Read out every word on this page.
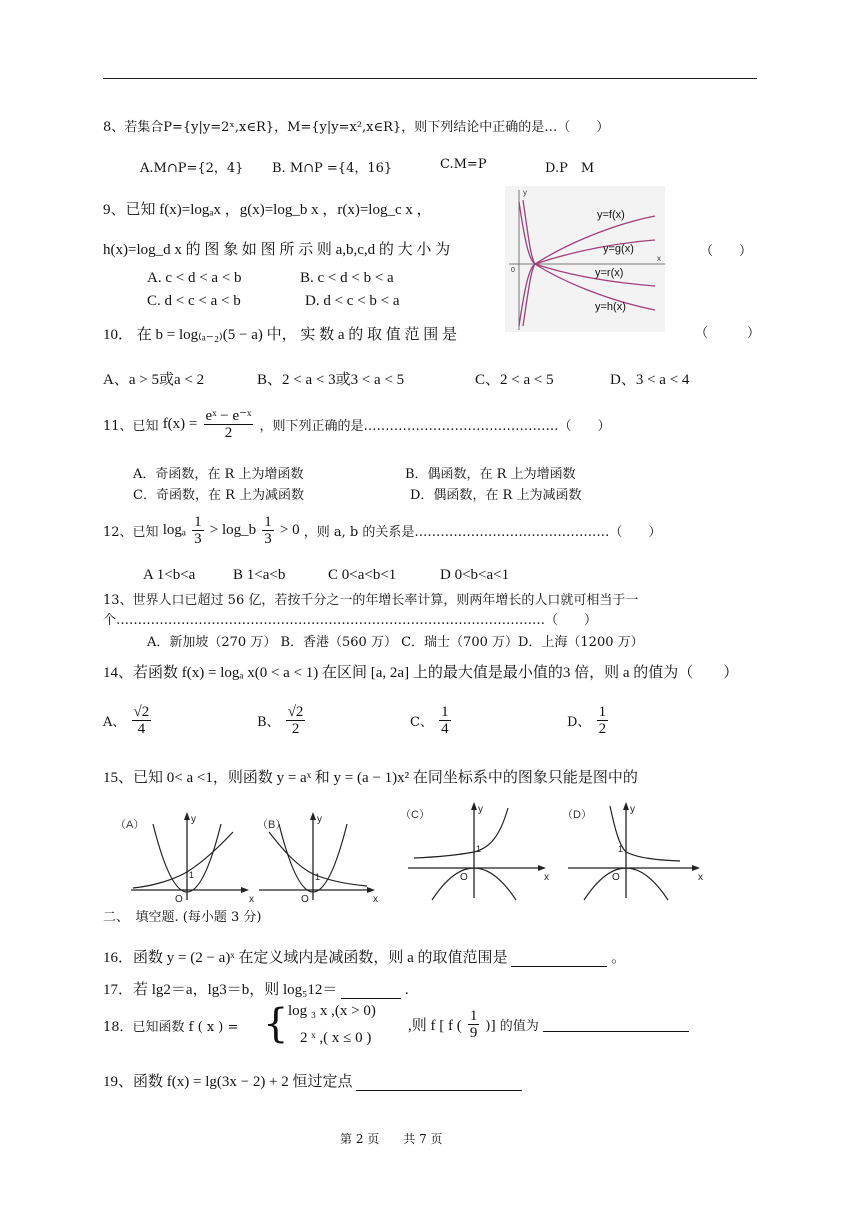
8、若集合P={y|y=2ˣ,x∈R}，M={y|y=x²,x∈R}，则下列结论中正确的是…（　　）
A.M∩P={2，4} B. M∩P ={4，16}	C.M=P	D.P　M
9、已知 f(x)=logₐx ，g(x)=log_b x ，r(x)=log_c x ，
h(x)=log_d x 的 图 象 如 图 所 示 则 a,b,c,d 的 大 小 为	（　　）
A. c < d < a < b	B. c < d < b < a
C. d < c < a < b	D. d < c < b < a
y
x
0
y=f(x)
y=g(x)
y=r(x)
y=h(x)
10． 在 b = log₍ₐ₋₂₎(5 − a) 中， 实 数 a 的 取 值 范 围 是	（　　　）
A、a > 5或a < 2	B、2 < a < 3或3 < a < 5	C、2 < a < 5	D、3 < a < 4
11、已知 $f(x) = \frac{\text{eˣ − e⁻ˣ}}{2}$ ，则下列正确的是………………………………………（　　）
A．奇函数，在 R 上为增函数	B．偶函数，在 R 上为增函数
C．奇函数，在 R 上为减函数	D．偶函数，在 R 上为减函数
12、已知 logₐ $\frac{1}{3}$ > log_b $\frac{1}{3} > 0$ ，则 a, b 的关系是………………………………………（　　）
A 1<b<a	B 1<a<b	C 0<a<b<1	D 0<b<a<1
13、世界人口已超过 56 亿，若按千分之一的年增长率计算，则两年增长的人口就可相当于一
个………………………………………………………………………………………（　　）
A．新加坡（270 万） B．香港（560 万） C．瑞士（700 万）D．上海（1200 万）
14、若函数 f(x) = logₐ x(0 < a < 1) 在区间 [a, 2a] 上的最大值是最小值的3 倍，则 a 的值为（　　）
A、 $\frac{√2}{4}$	B、 $\frac{√2}{2}$	C、 $\frac{1}{4}$	D、 $\frac{1}{2}$
15、已知 0< a <1，则函数 y = aˣ 和 y = (a − 1)x² 在同坐标系中的图象只能是图中的
（A）	y
x
O
1
（B）	y
x
O
1
（C）	y
x
O
1
（D）	y
x
O
1
二、　填空题. (每小题 3 分)
16．函数 y = (2 − a)ˣ 在定义域内是减函数，则 a 的取值范围是	。
17．若 lg2＝a，lg3＝b，则 log₅12＝	.
18．已知函数 f ( x ) = { log ₃ x ,(x > 0)
2 ˣ ,( x ≤ 0 )
,则 f [ f ( $\frac{1}{9}$ )] 的值为
19、函数 f(x) = lg(3x − 2) + 2 恒过定点
第 2 页　　共 7 页
